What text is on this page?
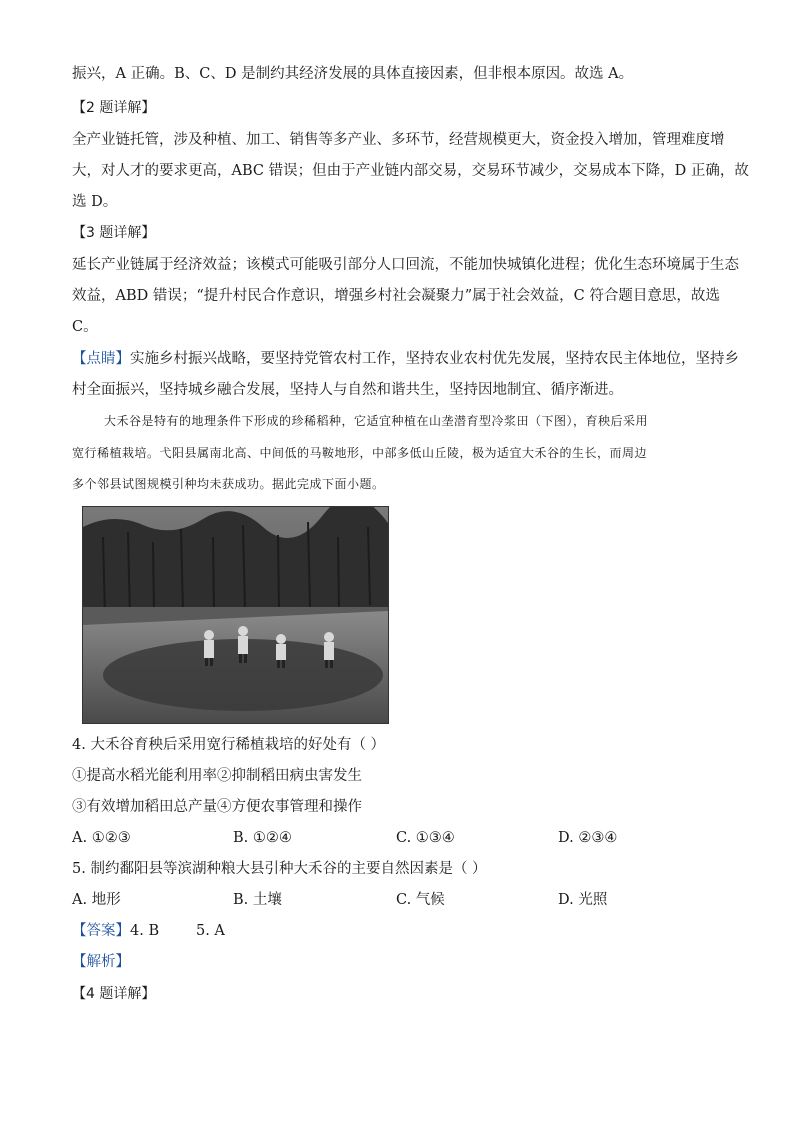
振兴，A 正确。B、C、D 是制约其经济发展的具体直接因素，但非根本原因。故选 A。
【2 题详解】
全产业链托管，涉及种植、加工、销售等多产业、多环节，经营规模更大，资金投入增加，管理难度增
大，对人才的要求更高，ABC 错误；但由于产业链内部交易，交易环节减少，交易成本下降，D 正确，故
选 D。
【3 题详解】
延长产业链属于经济效益；该模式可能吸引部分人口回流，不能加快城镇化进程；优化生态环境属于生态
效益，ABD 错误；“提升村民合作意识，增强乡村社会凝聚力”属于社会效益，C 符合题目意思，故选
C。
【点睛】实施乡村振兴战略，要坚持党管农村工作，坚持农业农村优先发展，坚持农民主体地位，坚持乡
村全面振兴，坚持城乡融合发展，坚持人与自然和谐共生，坚持因地制宜、循序渐进。
大禾谷是特有的地理条件下形成的珍稀稻种，它适宜种植在山垄潜育型冷浆田（下图），育秧后采用
宽行稀植栽培。弋阳县属南北高、中间低的马鞍地形，中部多低山丘陵，极为适宜大禾谷的生长，而周边
多个邻县试图规模引种均未获成功。据此完成下面小题。
4. 大禾谷育秧后采用宽行稀植栽培的好处有（ ）
①提高水稻光能利用率②抑制稻田病虫害发生
③有效增加稻田总产量④方便农事管理和操作
A. ①②③	B. ①②④	C. ①③④	D. ②③④
5. 制约鄱阳县等滨湖种粮大县引种大禾谷的主要自然因素是（ ）
A. 地形	B. 土壤	C. 气候	D. 光照
【答案】4. B        5. A
【解析】
【4 题详解】
